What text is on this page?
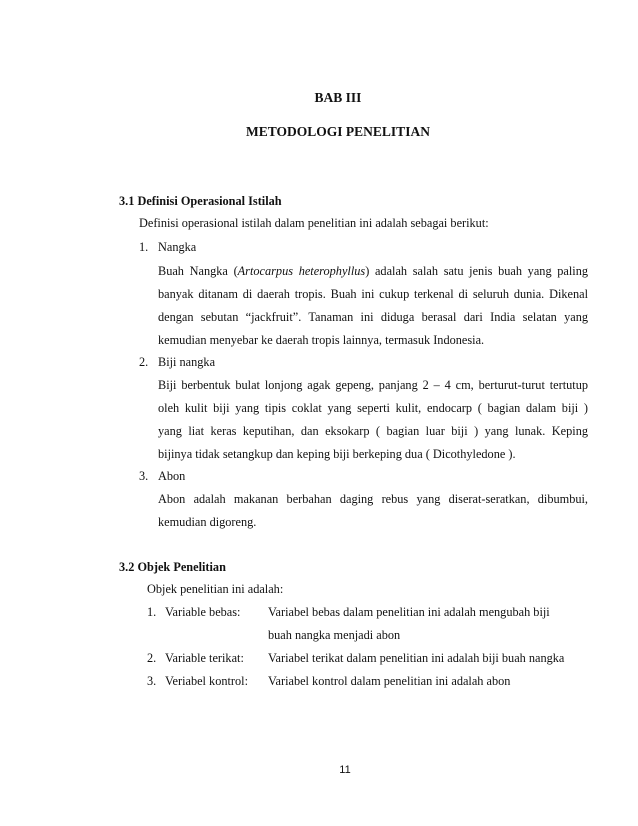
BAB III
METODOLOGI PENELITIAN
3.1 Definisi Operasional Istilah
Definisi operasional istilah dalam penelitian ini adalah sebagai berikut:
1. Nangka
Buah Nangka (Artocarpus heterophyllus) adalah salah satu jenis buah yang paling
banyak ditanam di daerah tropis. Buah ini cukup terkenal di seluruh dunia. Dikenal
dengan sebutan “jackfruit”. Tanaman ini diduga berasal dari India selatan yang
kemudian menyebar ke daerah tropis lainnya, termasuk Indonesia.
2. Biji nangka
Biji berbentuk bulat lonjong agak gepeng, panjang 2 – 4 cm, berturut-turut tertutup
oleh kulit biji yang tipis coklat yang seperti kulit, endocarp ( bagian dalam biji )
yang liat keras keputihan, dan eksokarp ( bagian luar biji ) yang lunak. Keping
bijinya tidak setangkup dan keping biji berkeping dua ( Dicothyledone ).
3. Abon
Abon adalah makanan berbahan daging rebus yang diserat-seratkan, dibumbui,
kemudian digoreng.
3.2 Objek Penelitian
Objek penelitian ini adalah:
1. Variable bebas: Variabel bebas dalam penelitian ini adalah mengubah biji
buah nangka menjadi abon
2. Variable terikat: Variabel terikat dalam penelitian ini adalah biji buah nangka
3. Veriabel kontrol: Variabel kontrol dalam penelitian ini adalah abon
11
